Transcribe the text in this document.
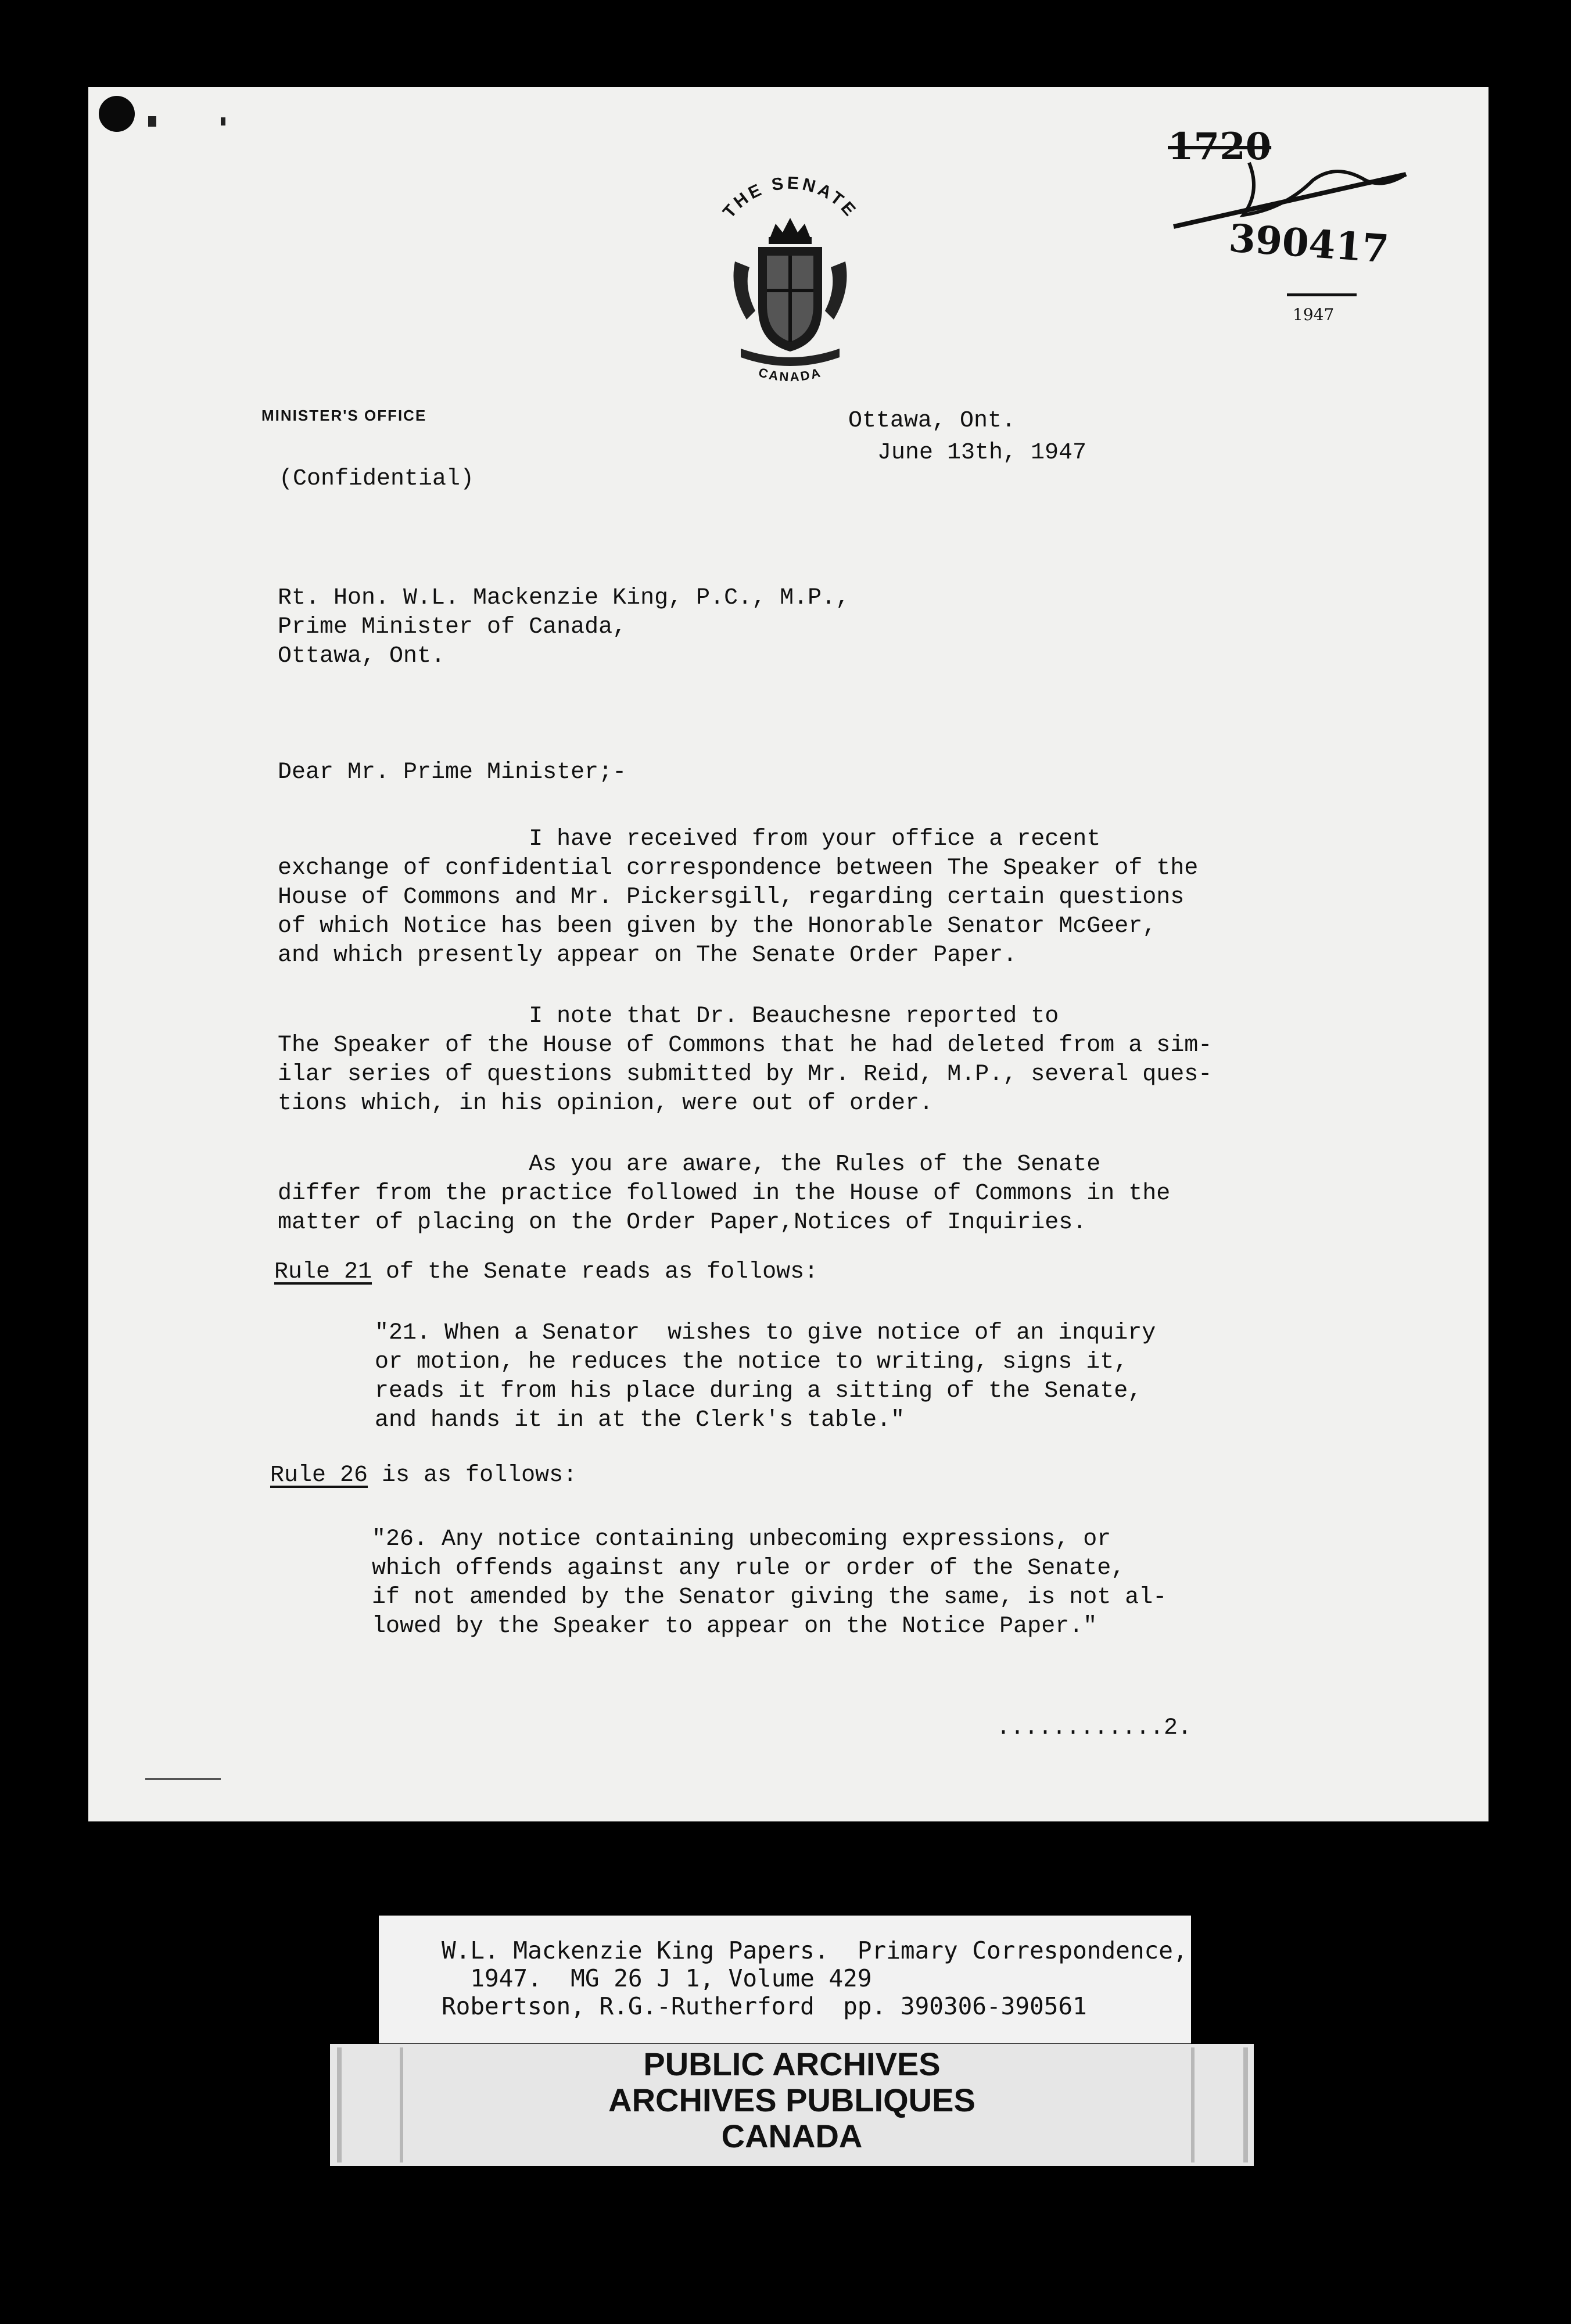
THE SENATE
CANADA
1720
390417
1947
MINISTER'S OFFICE	Ottawa, Ont.
June 13th, 1947
(Confidential)
Rt. Hon. W.L. Mackenzie King, P.C., M.P.,
Prime Minister of Canada,
Ottawa, Ont.
Dear Mr. Prime Minister;-
I have received from your office a recent
exchange of confidential correspondence between The Speaker of the
House of Commons and Mr. Pickersgill, regarding certain questions
of which Notice has been given by the Honorable Senator McGeer,
and which presently appear on The Senate Order Paper.
I note that Dr. Beauchesne reported to
The Speaker of the House of Commons that he had deleted from a sim-
ilar series of questions submitted by Mr. Reid, M.P., several ques-
tions which, in his opinion, were out of order.
As you are aware, the Rules of the Senate
differ from the practice followed in the House of Commons in the
matter of placing on the Order Paper,Notices of Inquiries.
Rule 21 of the Senate reads as follows:
"21. When a Senator  wishes to give notice of an inquiry
or motion, he reduces the notice to writing, signs it,
reads it from his place during a sitting of the Senate,
and hands it in at the Clerk's table."
Rule 26 is as follows:
"26. Any notice containing unbecoming expressions, or
which offends against any rule or order of the Senate,
if not amended by the Senator giving the same, is not al-
lowed by the Speaker to appear on the Notice Paper."
............2.
W.L. Mackenzie King Papers.  Primary Correspondence,
1947.  MG 26 J 1, Volume 429
Robertson, R.G.-Rutherford  pp. 390306-390561
PUBLIC ARCHIVES
ARCHIVES PUBLIQUES
CANADA
